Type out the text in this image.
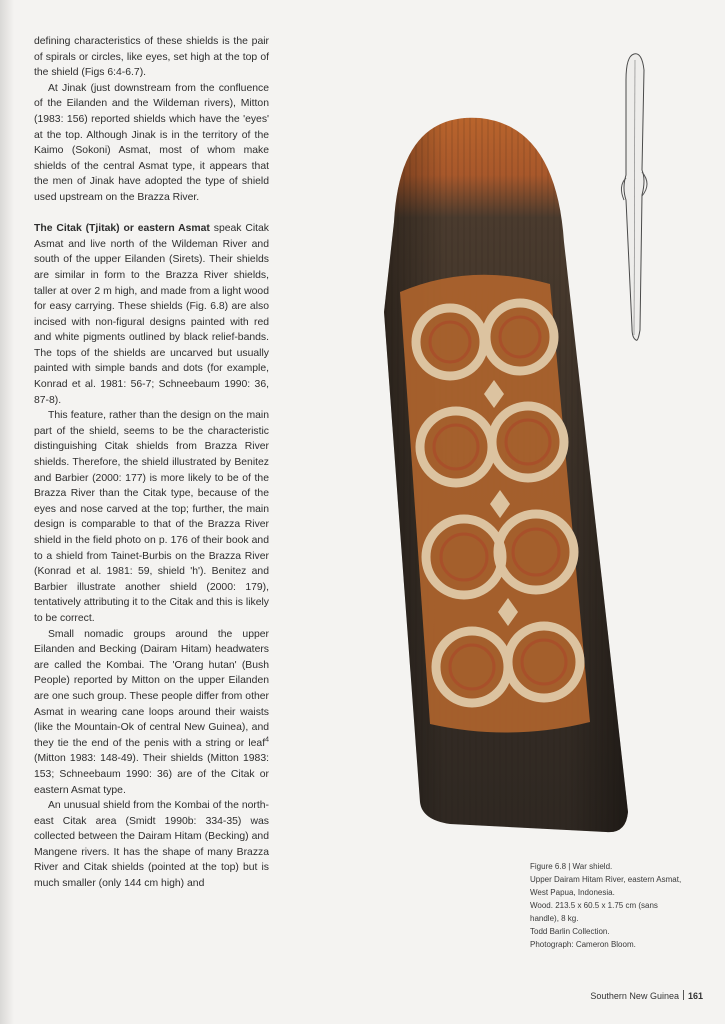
defining characteristics of these shields is the pair of spirals or circles, like eyes, set high at the top of the shield (Figs 6:4-6.7).

At Jinak (just downstream from the confluence of the Eilanden and the Wildeman rivers), Mitton (1983: 156) reported shields which have the 'eyes' at the top. Although Jinak is in the territory of the Kaimo (Sokoni) Asmat, most of whom make shields of the central Asmat type, it appears that the men of Jinak have adopted the type of shield used upstream on the Brazza River.

The Citak (Tjitak) or eastern Asmat speak Citak Asmat and live north of the Wildeman River and south of the upper Eilanden (Sirets). Their shields are similar in form to the Brazza River shields, taller at over 2 m high, and made from a light wood for easy carrying. These shields (Fig. 6.8) are also incised with non-figural designs painted with red and white pigments outlined by black relief-bands. The tops of the shields are uncarved but usually painted with simple bands and dots (for example, Konrad et al. 1981: 56-7; Schneebaum 1990: 36, 87-8).

This feature, rather than the design on the main part of the shield, seems to be the characteristic distinguishing Citak shields from Brazza River shields. Therefore, the shield illustrated by Benitez and Barbier (2000: 177) is more likely to be of the Brazza River than the Citak type, because of the eyes and nose carved at the top; further, the main design is comparable to that of the Brazza River shield in the field photo on p. 176 of their book and to a shield from Tainet-Burbis on the Brazza River (Konrad et al. 1981: 59, shield 'h'). Benitez and Barbier illustrate another shield (2000: 179), tentatively attributing it to the Citak and this is likely to be correct.

Small nomadic groups around the upper Eilanden and Becking (Dairam Hitam) headwaters are called the Kombai. The 'Orang hutan' (Bush People) reported by Mitton on the upper Eilanden are one such group. These people differ from other Asmat in wearing cane loops around their waists (like the Mountain-Ok of central New Guinea), and they tie the end of the penis with a string or leaf$^4$ (Mitton 1983: 148-49). Their shields (Mitton 1983: 153; Schneebaum 1990: 36) are of the Citak or eastern Asmat type.

An unusual shield from the Kombai of the north-east Citak area (Smidt 1990b: 334-35) was collected between the Dairam Hitam (Becking) and Mangene rivers. It has the shape of many Brazza River and Citak shields (pointed at the top) but is much smaller (only 144 cm high) and

Figure 6.8 | War shield.
Upper Dairam Hitam River, eastern Asmat,
West Papua, Indonesia.
Wood. 213.5 x 60.5 x 1.75 cm (sans
handle), 8 kg.
Todd Barlin Collection.
Photograph: Cameron Bloom.
Southern New Guinea 161
